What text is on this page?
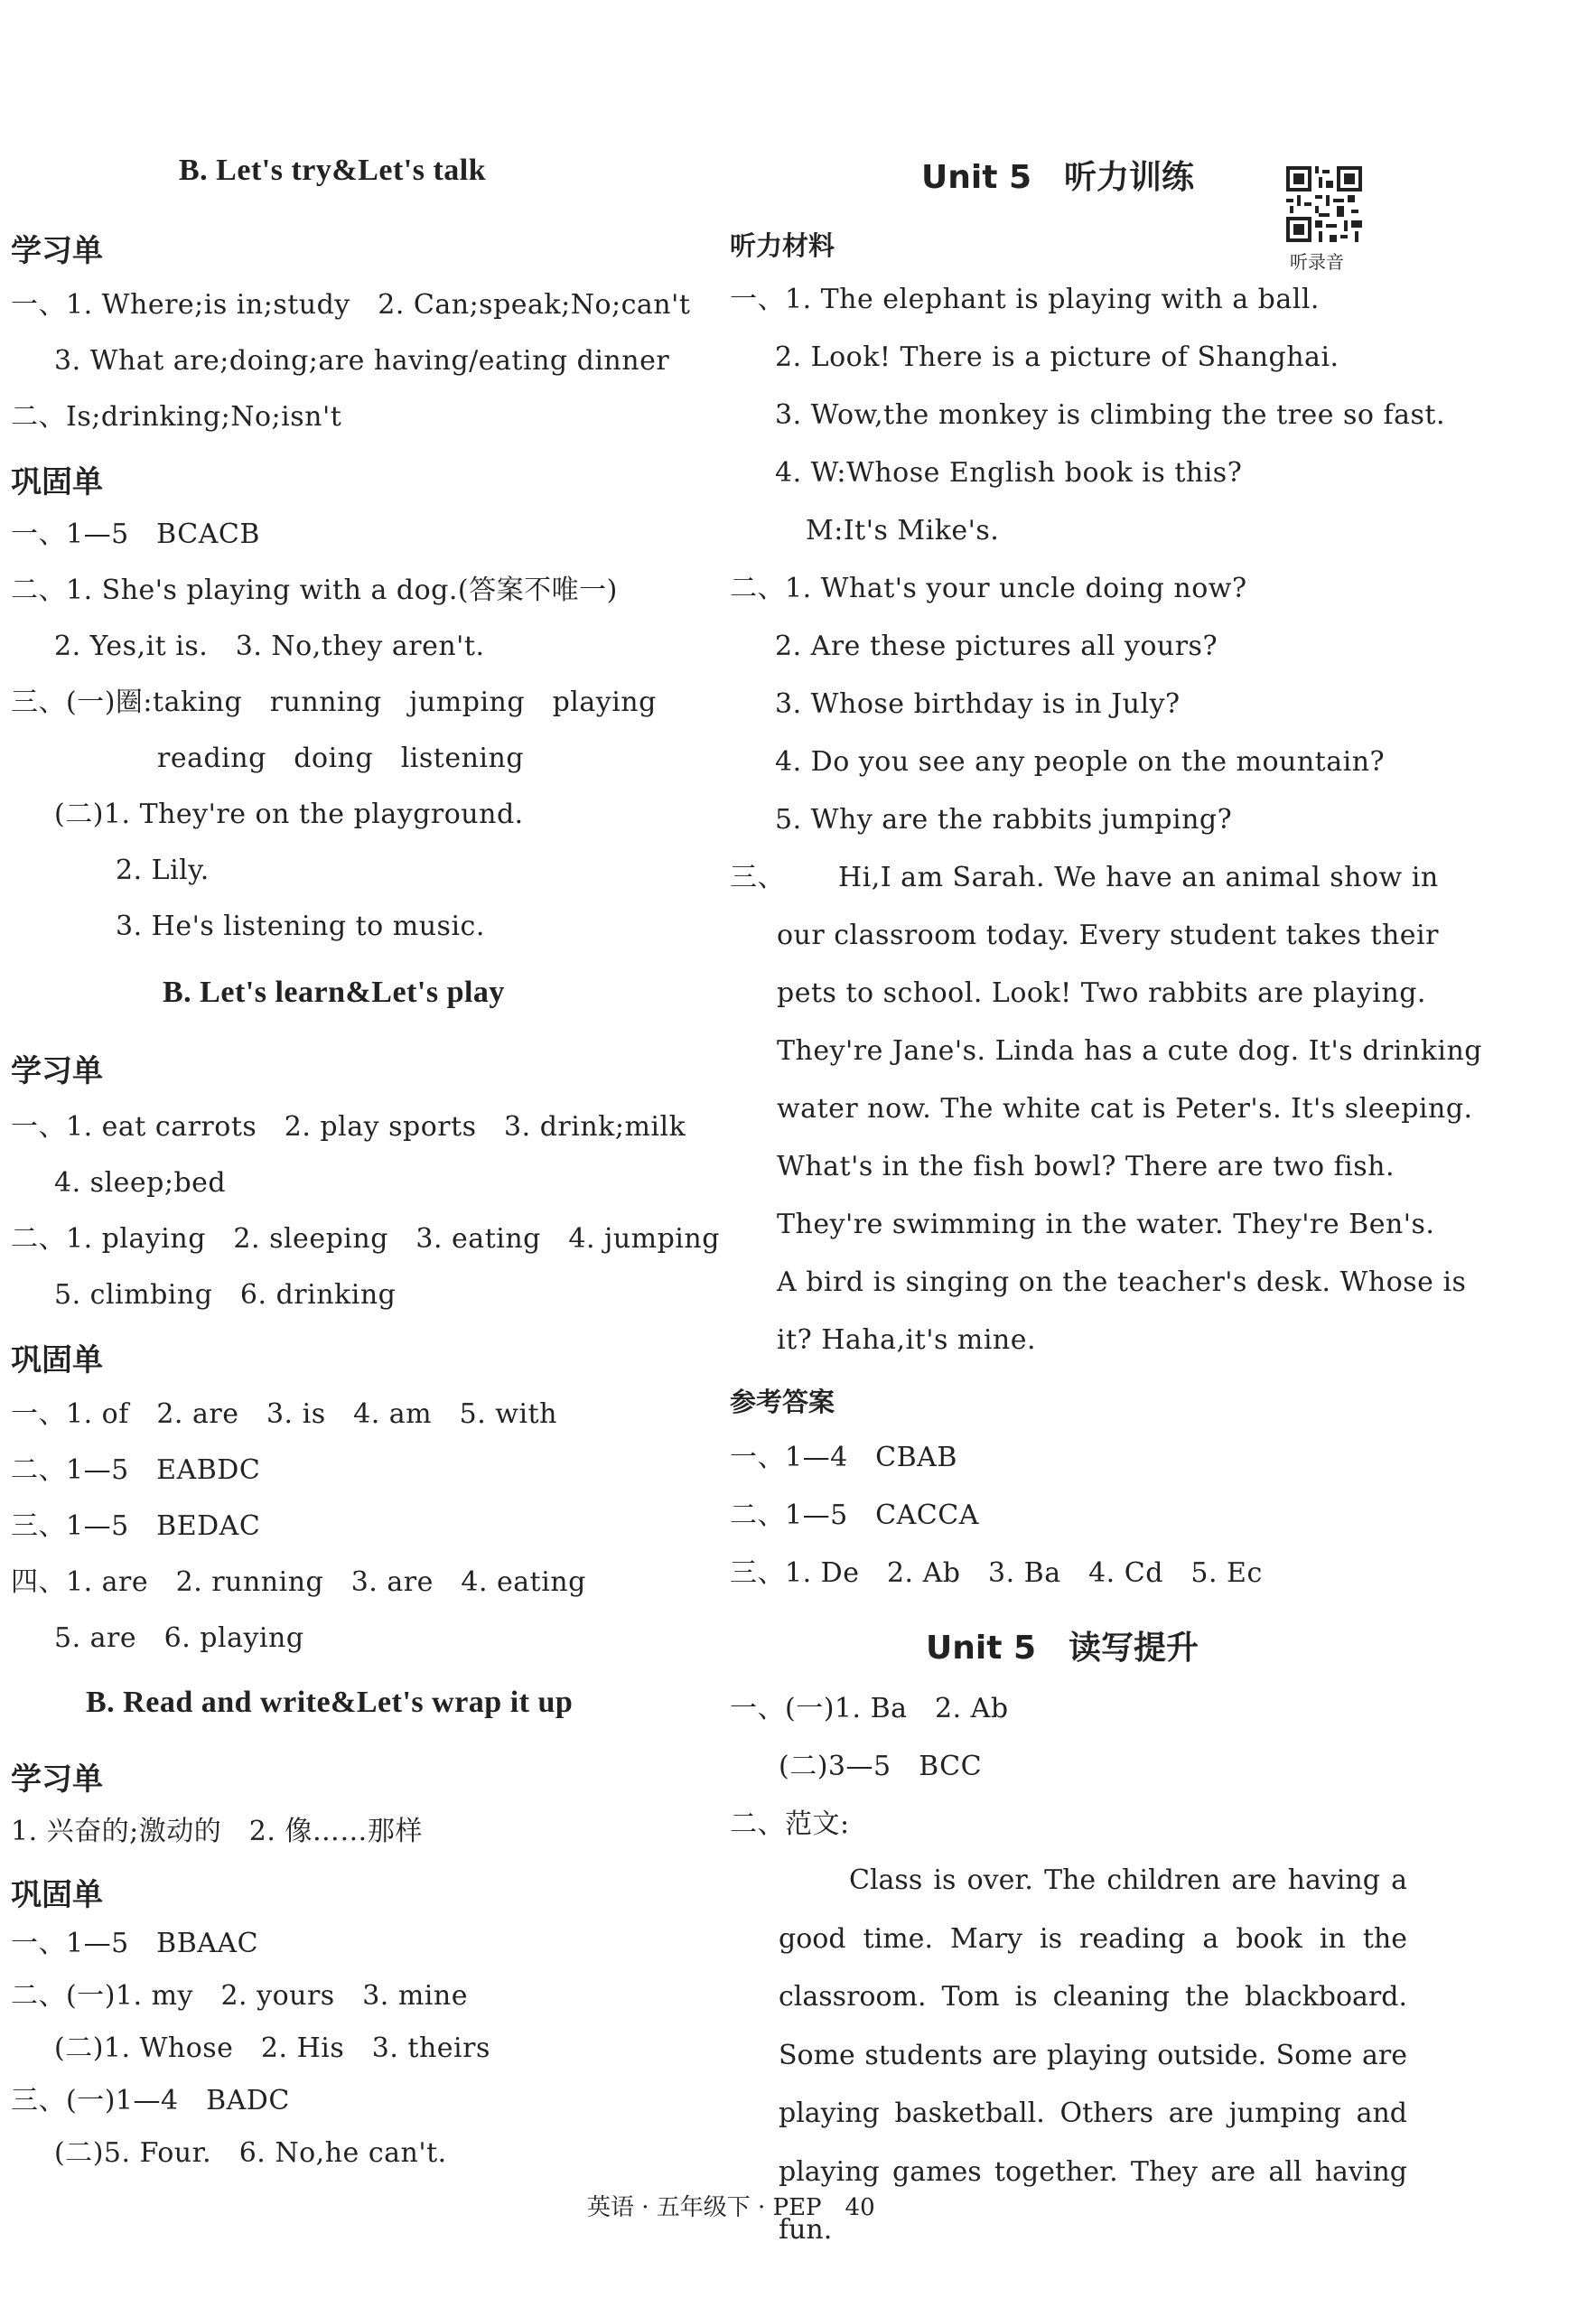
B. Let's try&Let's talk
学习单
一、1. Where;is in;study　2. Can;speak;No;can't
3. What are;doing;are having/eating dinner
二、Is;drinking;No;isn't
巩固单
一、1—5　BCACB
二、1. She's playing with a dog.(答案不唯一)
2. Yes,it is.　3. No,they aren't.
三、(一)圈:taking　running　jumping　playing
reading　doing　listening
(二)1. They're on the playground.
2. Lily.
3. He's listening to music.
B. Let's learn&Let's play
学习单
一、1. eat carrots　2. play sports　3. drink;milk
4. sleep;bed
二、1. playing　2. sleeping　3. eating　4. jumping
5. climbing　6. drinking
巩固单
一、1. of　2. are　3. is　4. am　5. with
二、1—5　EABDC
三、1—5　BEDAC
四、1. are　2. running　3. are　4. eating
5. are　6. playing
B. Read and write&Let's wrap it up
学习单
1. 兴奋的;激动的　2. 像……那样
巩固单
一、1—5　BBAAC
二、(一)1. my　2. yours　3. mine
(二)1. Whose　2. His　3. theirs
三、(一)1—4　BADC
(二)5. Four.　6. No,he can't.
Unit 5　听力训练
听录音
听力材料
一、1. The elephant is playing with a ball.
2. Look! There is a picture of Shanghai.
3. Wow,the monkey is climbing the tree so fast.
4. W:Whose English book is this?
M:It's Mike's.
二、1. What's your uncle doing now?
2. Are these pictures all yours?
3. Whose birthday is in July?
4. Do you see any people on the mountain?
5. Why are the rabbits jumping?
三、 Hi,I am Sarah. We have an animal show in
our classroom today. Every student takes their
pets to school. Look! Two rabbits are playing.
They're Jane's. Linda has a cute dog. It's drinking
water now. The white cat is Peter's. It's sleeping.
What's in the fish bowl? There are two fish.
They're swimming in the water. They're Ben's.
A bird is singing on the teacher's desk. Whose is
it? Haha,it's mine.
参考答案
一、1—4　CBAB
二、1—5　CACCA
三、1. De　2. Ab　3. Ba　4. Cd　5. Ec
Unit 5　读写提升
一、(一)1. Ba　2. Ab
(二)3—5　BCC
二、范文:
Class is over. The children are having a good time. Mary is reading a book in the classroom. Tom is cleaning the blackboard. Some students are playing outside. Some are playing basketball. Others are jumping and playing games together. They are all having fun.
英语 · 五年级下 · PEP　40
